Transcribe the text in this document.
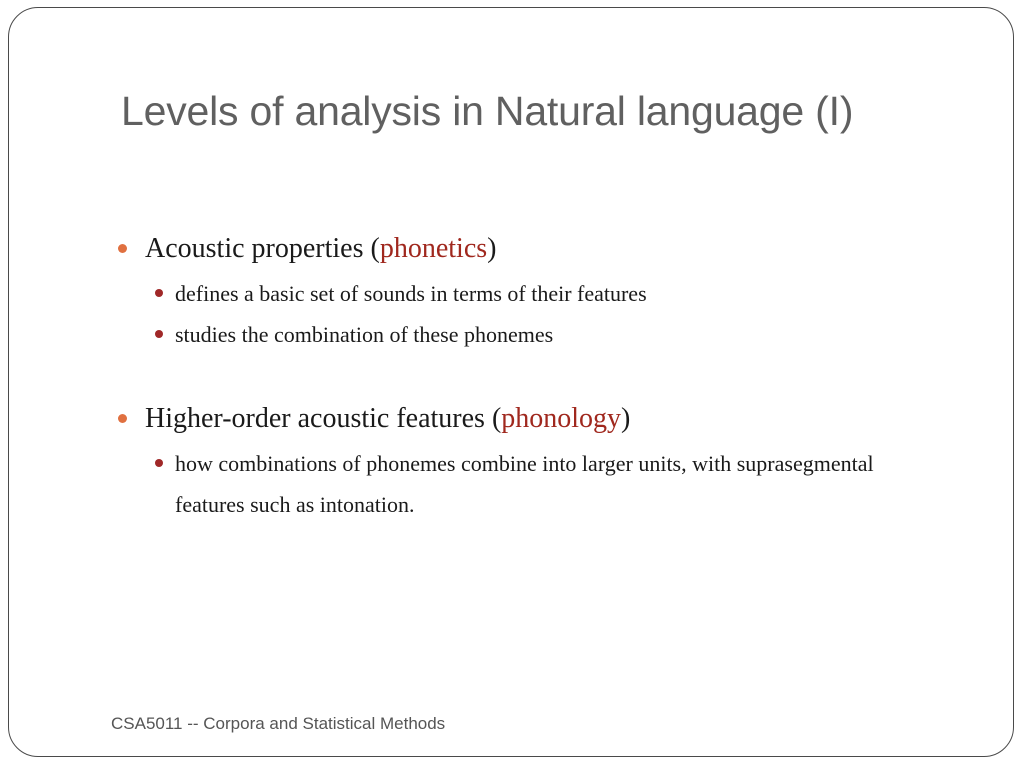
Levels of analysis in Natural language (I)
Acoustic properties (phonetics)
defines a basic set of sounds in terms of their features
studies the combination of these phonemes
Higher-order acoustic features (phonology)
how combinations of phonemes combine into larger units, with suprasegmental features such as intonation.
CSA5011 -- Corpora and Statistical Methods
